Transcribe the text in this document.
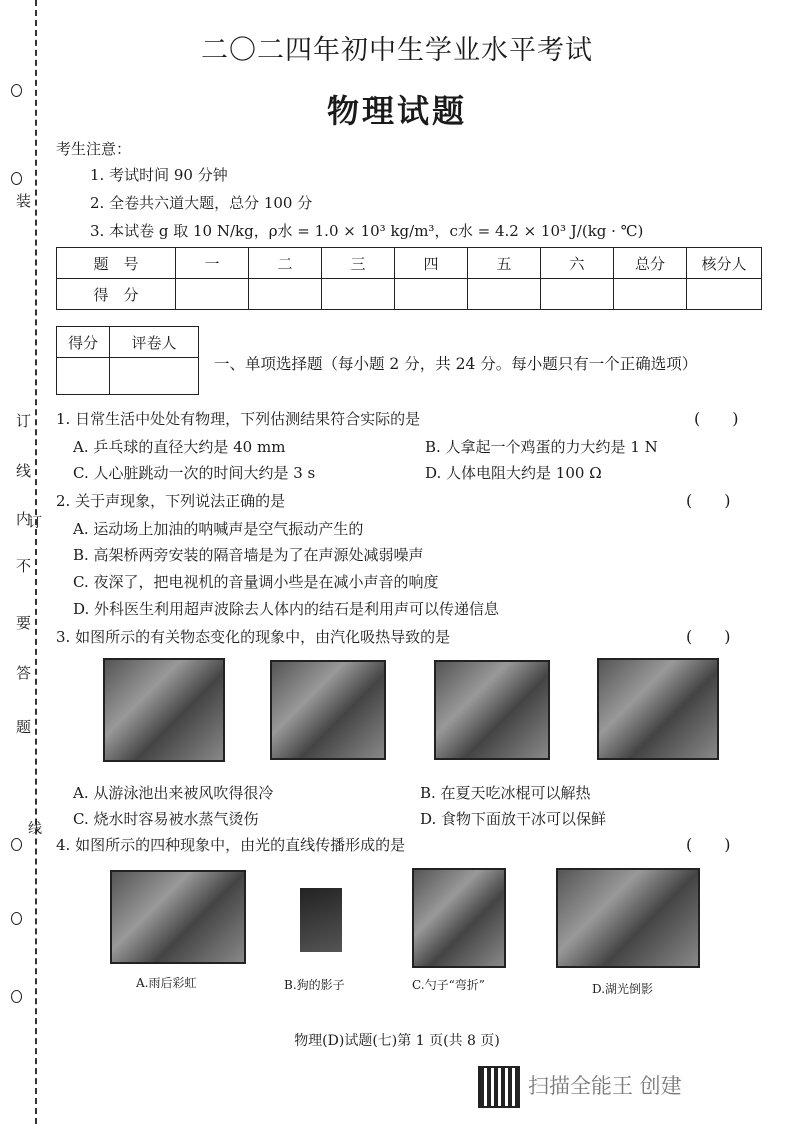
装
订
线
内
不
要
答
题
订
线
二〇二四年初中生学业水平考试
物理试题
考生注意：
1. 考试时间 90 分钟
2. 全卷共六道大题，总分 100 分
3. 本试卷 g 取 10 N/kg，ρ水 = 1.0 × 10³ kg/m³，c水 = 4.2 × 10³ J/(kg · ℃)
题　号	一	二	三	四	五	六	总分	核分人
得　分								
得分	评卷人

一、单项选择题（每小题 2 分，共 24 分。每小题只有一个正确选项）
1. 日常生活中处处有物理，下列估测结果符合实际的是	(　　)
A. 乒乓球的直径大约是 40 mm	B. 人拿起一个鸡蛋的力大约是 1 N
C. 人心脏跳动一次的时间大约是 3 s	D. 人体电阻大约是 100 Ω
2. 关于声现象，下列说法正确的是	(　　)
A. 运动场上加油的呐喊声是空气振动产生的
B. 高架桥两旁安装的隔音墙是为了在声源处减弱噪声
C. 夜深了，把电视机的音量调小些是在减小声音的响度
D. 外科医生利用超声波除去人体内的结石是利用声可以传递信息
3. 如图所示的有关物态变化的现象中，由汽化吸热导致的是	(　　)
A. 从游泳池出来被风吹得很冷	B. 在夏天吃冰棍可以解热
C. 烧水时容易被水蒸气烫伤	D. 食物下面放干冰可以保鲜
4. 如图所示的四种现象中，由光的直线传播形成的是	(　　)
A.雨后彩虹	B.狗的影子	C.勺子“弯折”	D.湖光倒影
物理(D)试题(七)第 1 页(共 8 页)
扫描全能王 创建
